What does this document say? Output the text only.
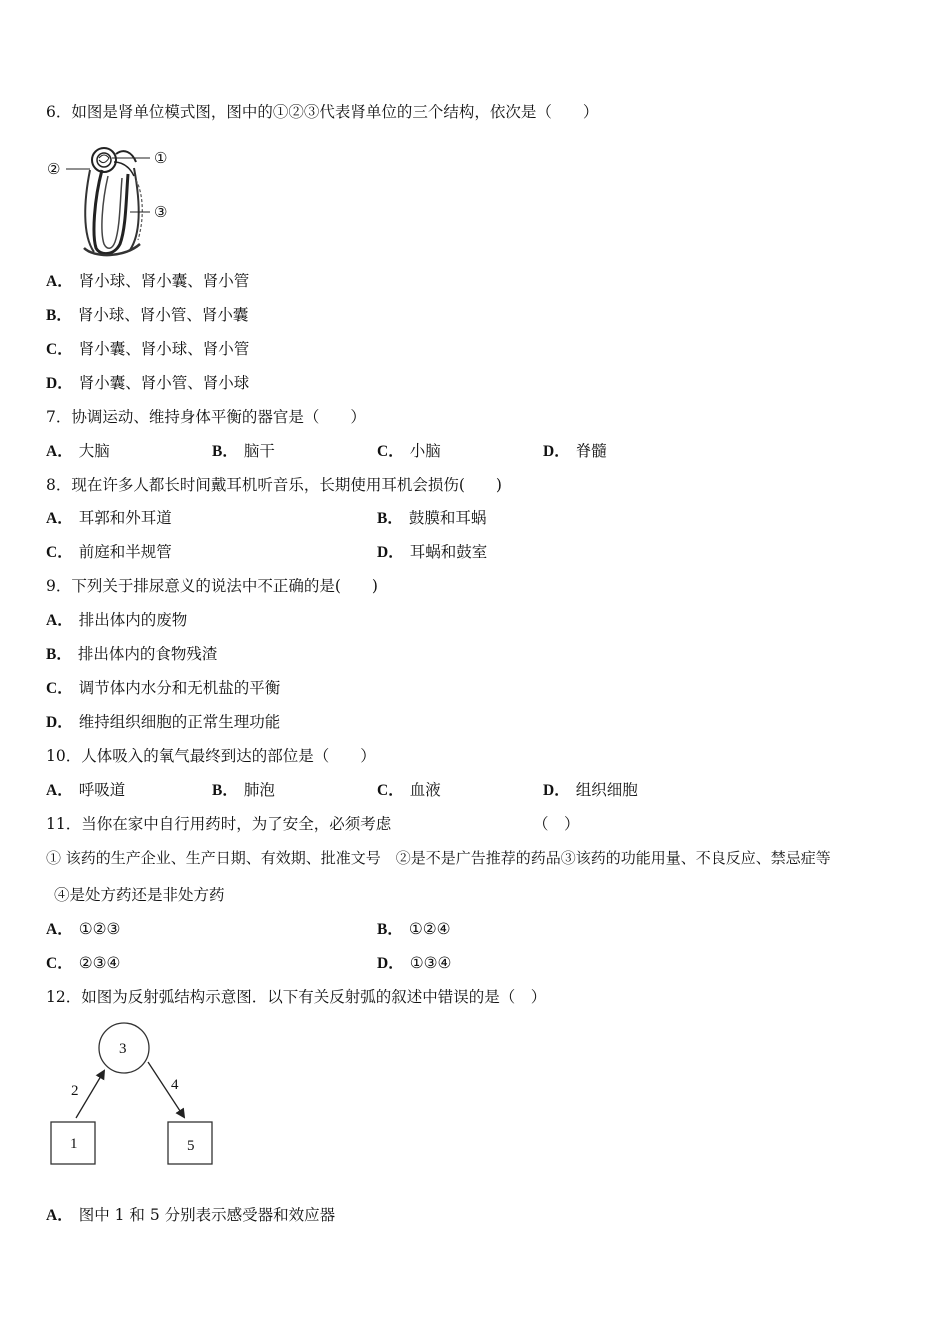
6．如图是肾单位模式图，图中的①②③代表肾单位的三个结构，依次是（　　）
①
②
③
A． 肾小球、肾小囊、肾小管
B． 肾小球、肾小管、肾小囊
C． 肾小囊、肾小球、肾小管
D． 肾小囊、肾小管、肾小球
7．协调运动、维持身体平衡的器官是（　　）
A． 大脑	B． 脑干	C． 小脑	D． 脊髓
8．现在许多人都长时间戴耳机听音乐，长期使用耳机会损伤(　　)
A． 耳郭和外耳道	B． 鼓膜和耳蜗
C． 前庭和半规管	D． 耳蜗和鼓室
9．下列关于排尿意义的说法中不正确的是(　　)
A． 排出体内的废物
B． 排出体内的食物残渣
C． 调节体内水分和无机盐的平衡
D． 维持组织细胞的正常生理功能
10．人体吸入的氧气最终到达的部位是（　　）
A． 呼吸道	B． 肺泡	C． 血液	D． 组织细胞
11．当你在家中自行用药时，为了安全，必须考虑	（　）
① 该药的生产企业、生产日期、有效期、批准文号　②是不是广告推荐的药品③该药的功能用量、不良反应、禁忌症等
④是处方药还是非处方药
A． ①②③	B． ①②④
C． ②③④	D． ①③④
12．如图为反射弧结构示意图．以下有关反射弧的叙述中错误的是（　）
1
2
3
4
5
A． 图中 1 和 5 分别表示感受器和效应器
